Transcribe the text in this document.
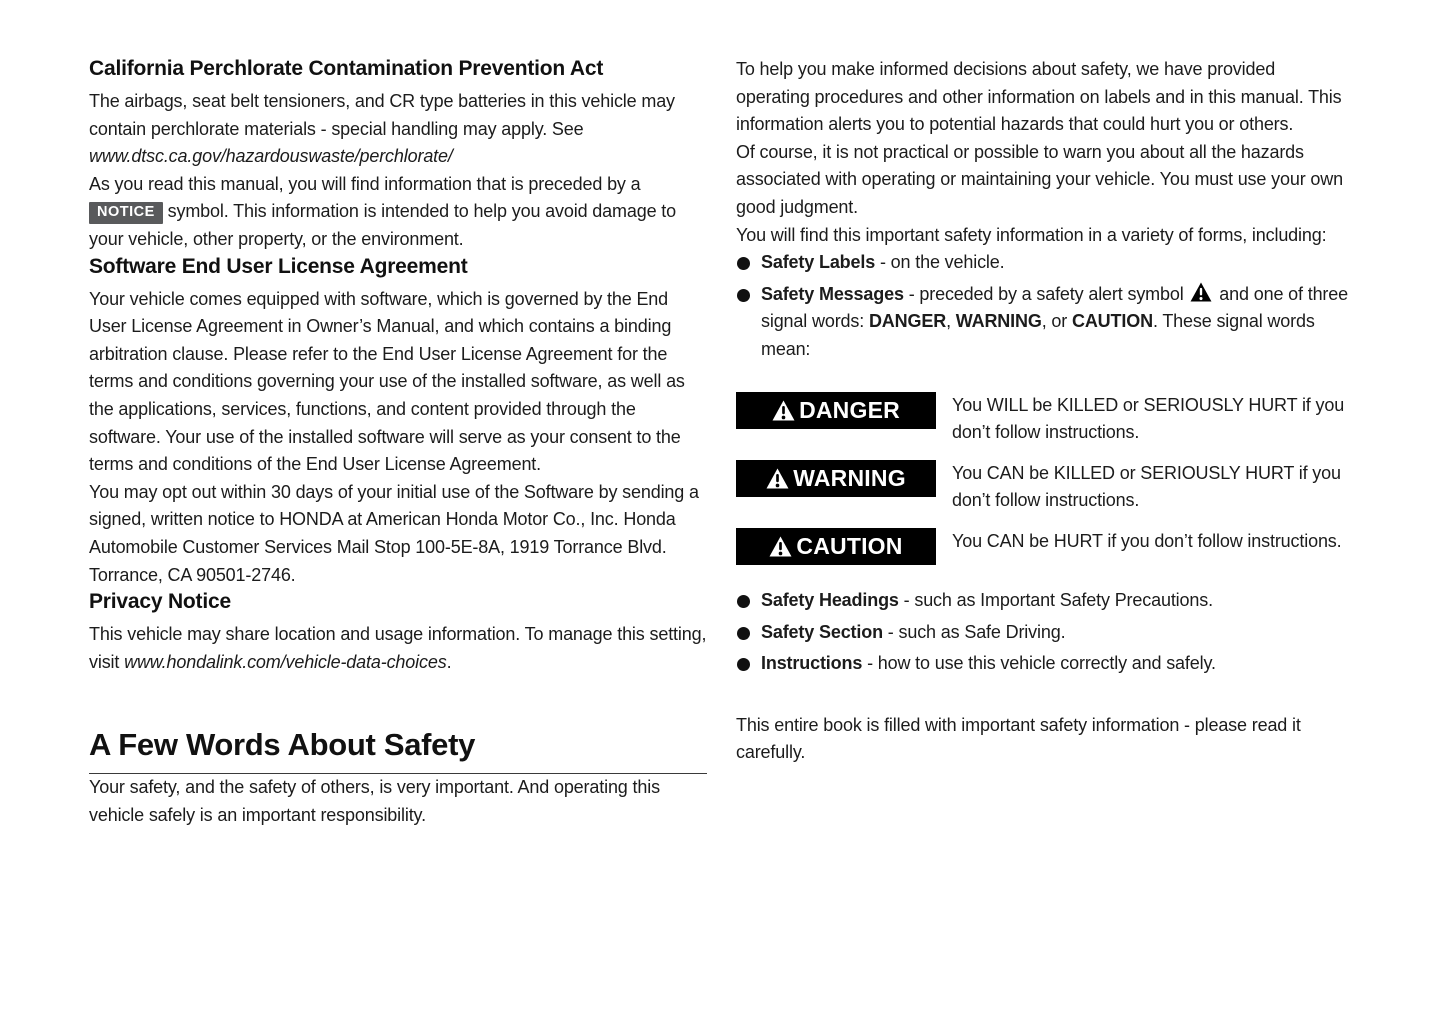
California Perchlorate Contamination Prevention Act

The airbags, seat belt tensioners, and CR type batteries in this vehicle may contain perchlorate materials - special handling may apply. See www.dtsc.ca.gov/hazardouswaste/perchlorate/

As you read this manual, you will find information that is preceded by a NOTICE symbol. This information is intended to help you avoid damage to your vehicle, other property, or the environment.

Software End User License Agreement

Your vehicle comes equipped with software, which is governed by the End User License Agreement in Owner’s Manual, and which contains a binding arbitration clause. Please refer to the End User License Agreement for the terms and conditions governing your use of the installed software, as well as the applications, services, functions, and content provided through the software. Your use of the installed software will serve as your consent to the terms and conditions of the End User License Agreement.

You may opt out within 30 days of your initial use of the Software by sending a signed, written notice to HONDA at American Honda Motor Co., Inc. Honda Automobile Customer Services Mail Stop 100-5E-8A, 1919 Torrance Blvd. Torrance, CA 90501-2746.

Privacy Notice

This vehicle may share location and usage information. To manage this setting, visit www.hondalink.com/vehicle-data-choices.

A Few Words About Safety

Your safety, and the safety of others, is very important. And operating this vehicle safely is an important responsibility.

To help you make informed decisions about safety, we have provided operating procedures and other information on labels and in this manual. This information alerts you to potential hazards that could hurt you or others.

Of course, it is not practical or possible to warn you about all the hazards associated with operating or maintaining your vehicle. You must use your own good judgment.

You will find this important safety information in a variety of forms, including:

Safety Labels - on the vehicle.
Safety Messages - preceded by a safety alert symbol  and one of three signal words: DANGER, WARNING, or CAUTION. These signal words mean:
DANGER	You WILL be KILLED or SERIOUSLY HURT if you don’t follow instructions.

WARNING	You CAN be KILLED or SERIOUSLY HURT if you don’t follow instructions.

CAUTION	You CAN be HURT if you don’t follow instructions.

Safety Headings - such as Important Safety Precautions.
Safety Section - such as Safe Driving.
Instructions - how to use this vehicle correctly and safely.

This entire book is filled with important safety information - please read it carefully.
